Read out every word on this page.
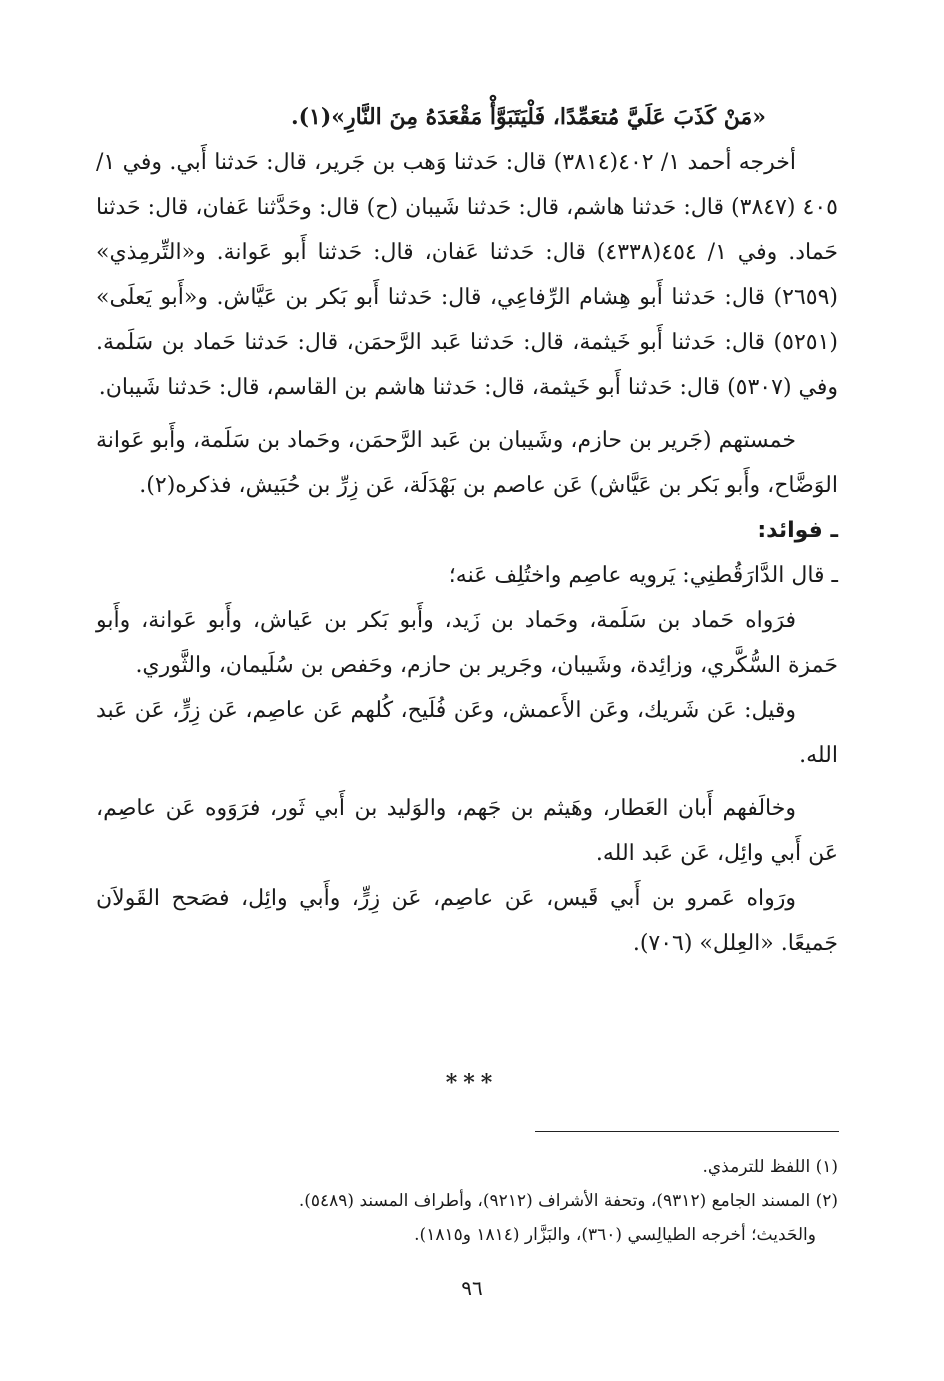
«مَنْ كَذَبَ عَلَيَّ مُتعَمِّدًا، فَلْيَتَبَوَّأْ مَقْعَدَهُ مِنَ النَّارِ»(١).

أخرجه أحمد ١/ ٤٠٢(٣٨١٤) قال: حَدثنا وَهب بن جَرير، قال: حَدثنا أَبي. وفي ١/ ٤٠٥ (٣٨٤٧) قال: حَدثنا هاشم، قال: حَدثنا شَيبان (ح) قال: وحَدَّثنا عَفان، قال: حَدثنا حَماد. وفي ١/ ٤٥٤(٤٣٣٨) قال: حَدثنا عَفان، قال: حَدثنا أَبو عَوانة. و«التِّرمِذي» (٢٦٥٩) قال: حَدثنا أَبو هِشام الرِّفاعِي، قال: حَدثنا أَبو بَكر بن عَيَّاش. و«أَبو يَعلَى» (٥٢٥١) قال: حَدثنا أَبو خَيثمة، قال: حَدثنا عَبد الرَّحمَن، قال: حَدثنا حَماد بن سَلَمة. وفي (٥٣٠٧) قال: حَدثنا أَبو خَيثمة، قال: حَدثنا هاشم بن القاسم، قال: حَدثنا شَيبان.

خمستهم (جَرير بن حازم، وشَيبان بن عَبد الرَّحمَن، وحَماد بن سَلَمة، وأَبو عَوانة الوَضَّاح، وأَبو بَكر بن عَيَّاش) عَن عاصم بن بَهْدَلَة، عَن زِرِّ بن حُبَيش، فذكره(٢).

ـ فوائد:

ـ قال الدَّارَقُطنِي: يَرويه عاصِم واختُلِف عَنه؛

فرَواه حَماد بن سَلَمة، وحَماد بن زَيد، وأَبو بَكر بن عَياش، وأَبو عَوانة، وأَبو حَمزة السُّكَّري، وزائِدة، وشَيبان، وجَرير بن حازم، وحَفص بن سُلَيمان، والثَّوري.

وقيل: عَن شَريك، وعَن الأَعمش، وعَن فُلَيح، كُلهم عَن عاصِم، عَن زِرٍّ، عَن عَبد الله.

وخالَفهم أَبان العَطار، وهَيثم بن جَهم، والوَليد بن أَبي ثَور، فرَوَوه عَن عاصِم، عَن أَبي وائِل، عَن عَبد الله.

ورَواه عَمرو بن أَبي قَيس، عَن عاصِم، عَن زِرٍّ، وأَبي وائِل، فصَحح القَولاَن جَميعًا. «العِلل» (٧٠٦).

***

(١) اللفظ للترمذي.

(٢) المسند الجامع (٩٣١٢)، وتحفة الأشراف (٩٢١٢)، وأطراف المسند (٥٤٨٩).

والحَديث؛ أخرجه الطيالِسي (٣٦٠)، والبَزَّار (١٨١٤ و١٨١٥).

٩٦
